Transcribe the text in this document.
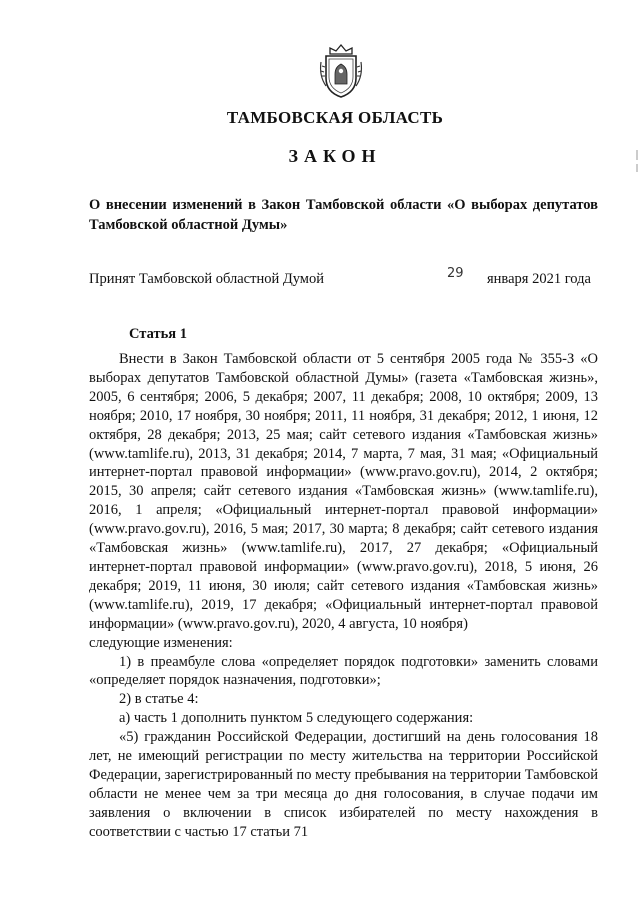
ТАМБОВСКАЯ ОБЛАСТЬ
ЗАКОН
О внесении изменений в Закон Тамбовской области «О выборах депутатов Тамбовской областной Думы»
Принят Тамбовской областной Думой	29 января 2021 года
Статья 1

Внести в Закон Тамбовской области от 5 сентября 2005 года № 355-З «О выборах депутатов Тамбовской областной Думы» (газета «Тамбовская жизнь», 2005, 6 сентября; 2006, 5 декабря; 2007, 11 декабря; 2008, 10 октября; 2009, 13 ноября; 2010, 17 ноября, 30 ноября; 2011, 11 ноября, 31 декабря; 2012, 1 июня, 12 октября, 28 декабря; 2013, 25 мая; сайт сетевого издания «Тамбовская жизнь» (www.tamlife.ru), 2013, 31 декабря; 2014, 7 марта, 7 мая, 31 мая; «Официальный интернет-портал правовой информации» (www.pravo.gov.ru), 2014, 2 октября; 2015, 30 апреля; сайт сетевого издания «Тамбовская жизнь» (www.tamlife.ru), 2016, 1 апреля; «Официальный интернет-портал правовой информации» (www.pravo.gov.ru), 2016, 5 мая; 2017, 30 марта; 8 декабря; сайт сетевого издания «Тамбовская жизнь» (www.tamlife.ru), 2017, 27 декабря; «Официальный интернет-портал правовой информации» (www.pravo.gov.ru), 2018, 5 июня, 26 декабря; 2019, 11 июня, 30 июля; сайт сетевого издания «Тамбовская жизнь» (www.tamlife.ru), 2019, 17 декабря; «Официальный интернет-портал правовой информации» (www.pravo.gov.ru), 2020, 4 августа, 10 ноября)

следующие изменения:

1) в преамбуле слова «определяет порядок подготовки» заменить словами «определяет порядок назначения, подготовки»;

2) в статье 4:

а) часть 1 дополнить пунктом 5 следующего содержания:

«5) гражданин Российской Федерации, достигший на день голосования 18 лет, не имеющий регистрации по месту жительства на территории Российской Федерации, зарегистрированный по месту пребывания на территории Тамбовской области не менее чем за три месяца до дня голосования, в случае подачи им заявления о включении в список избирателей по месту нахождения в соответствии с частью 17 статьи 71
